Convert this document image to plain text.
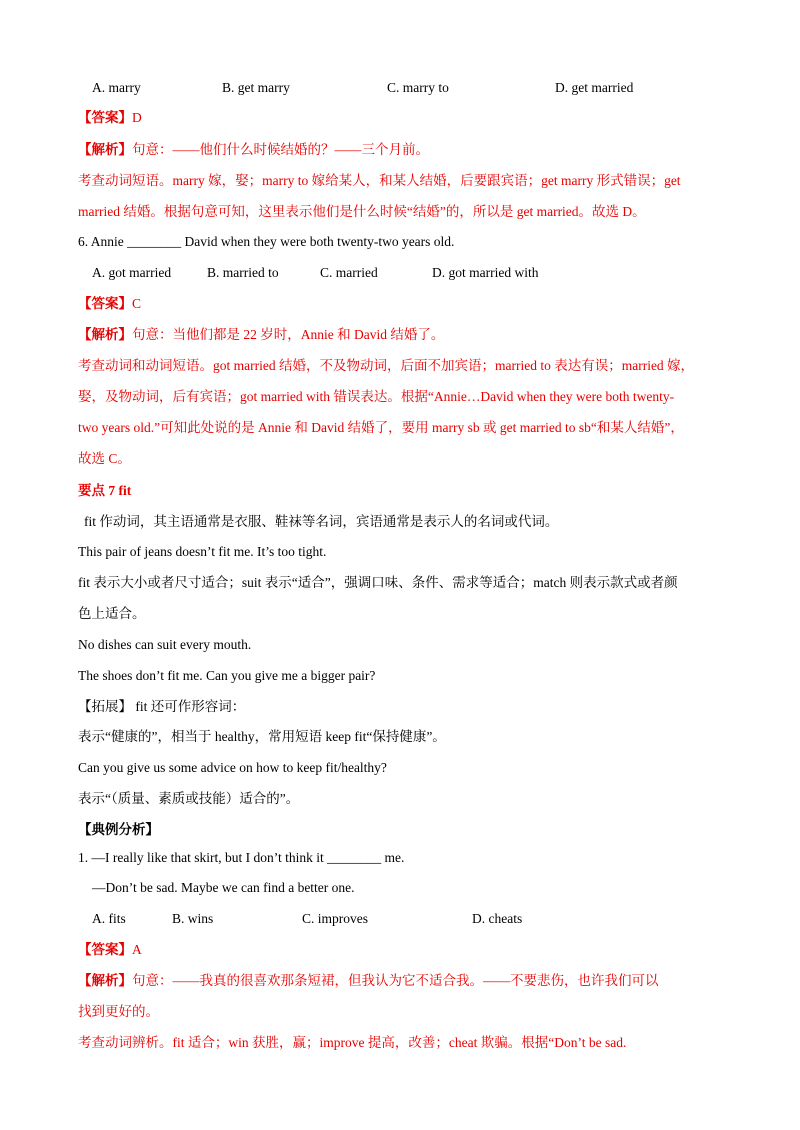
A. marry	B. get marry	C. marry to	D. get married
【答案】D
【解析】句意：——他们什么时候结婚的？——三个月前。
考查动词短语。marry 嫁，娶；marry to 嫁给某人，和某人结婚，后要跟宾语；get marry 形式错误；get
married 结婚。根据句意可知，这里表示他们是什么时候“结婚”的，所以是 get married。故选 D。
6. Annie ________ David when they were both twenty-two years old.
A. got married	B. married to	C. married	D. got married with
【答案】C
【解析】句意：当他们都是 22 岁时，Annie 和 David 结婚了。
考查动词和动词短语。got married 结婚，不及物动词，后面不加宾语；married to 表达有误；married 嫁，
娶，及物动词，后有宾语；got married with 错误表达。根据“Annie…David when they were both twenty-
two years old.”可知此处说的是 Annie 和 David 结婚了，要用 marry sb 或 get married to sb“和某人结婚”，
故选 C。
要点 7 fit
fit 作动词，其主语通常是衣服、鞋袜等名词，宾语通常是表示人的名词或代词。
This pair of jeans doesn’t fit me. It’s too tight.
fit 表示大小或者尺寸适合；suit 表示“适合”，强调口味、条件、需求等适合；match 则表示款式或者颜
色上适合。
No dishes can suit every mouth.
The shoes don’t fit me. Can you give me a bigger pair?
【拓展】 fit 还可作形容词：
表示“健康的”，相当于 healthy，常用短语 keep fit“保持健康”。
Can you give us some advice on how to keep fit/healthy?
表示“（质量、素质或技能）适合的”。
【典例分析】
1. —I really like that skirt, but I don’t think it ________ me.
—Don’t be sad. Maybe we can find a better one.
A. fits	B. wins	C. improves	D. cheats
【答案】A
【解析】句意：——我真的很喜欢那条短裙，但我认为它不适合我。——不要悲伤，也许我们可以
找到更好的。
考查动词辨析。fit 适合；win 获胜，赢；improve 提高，改善；cheat 欺骗。根据“Don’t be sad.
